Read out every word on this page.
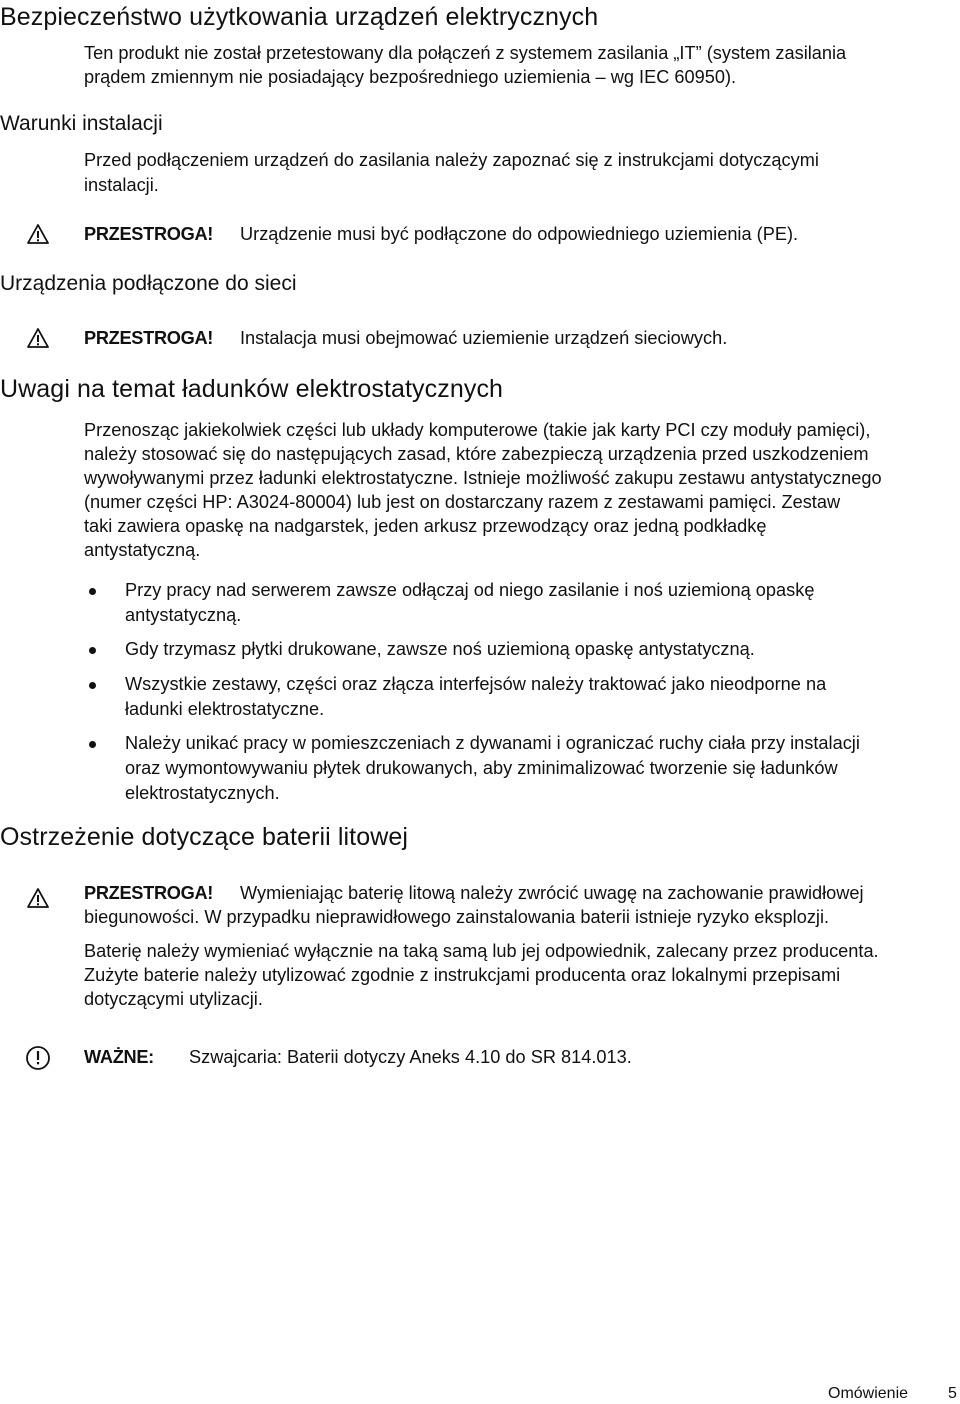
Bezpieczeństwo użytkowania urządzeń elektrycznych
Ten produkt nie został przetestowany dla połączeń z systemem zasilania „IT” (system zasilania
prądem zmiennym nie posiadający bezpośredniego uziemienia – wg IEC 60950).
Warunki instalacji
Przed podłączeniem urządzeń do zasilania należy zapoznać się z instrukcjami dotyczącymi
instalacji.
PRZESTROGA! Urządzenie musi być podłączone do odpowiedniego uziemienia (PE).
Urządzenia podłączone do sieci
PRZESTROGA! Instalacja musi obejmować uziemienie urządzeń sieciowych.
Uwagi na temat ładunków elektrostatycznych
Przenosząc jakiekolwiek części lub układy komputerowe (takie jak karty PCI czy moduły pamięci),
należy stosować się do następujących zasad, które zabezpieczą urządzenia przed uszkodzeniem
wywoływanymi przez ładunki elektrostatyczne. Istnieje możliwość zakupu zestawu antystatycznego
(numer części HP: A3024-80004) lub jest on dostarczany razem z zestawami pamięci. Zestaw
taki zawiera opaskę na nadgarstek, jeden arkusz przewodzący oraz jedną podkładkę
antystatyczną.
Przy pracy nad serwerem zawsze odłączaj od niego zasilanie i noś uziemioną opaskę
antystatyczną.
Gdy trzymasz płytki drukowane, zawsze noś uziemioną opaskę antystatyczną.
Wszystkie zestawy, części oraz złącza interfejsów należy traktować jako nieodporne na
ładunki elektrostatyczne.
Należy unikać pracy w pomieszczeniach z dywanami i ograniczać ruchy ciała przy instalacji
oraz wymontowywaniu płytek drukowanych, aby zminimalizować tworzenie się ładunków
elektrostatycznych.
Ostrzeżenie dotyczące baterii litowej
PRZESTROGA! Wymieniając baterię litową należy zwrócić uwagę na zachowanie prawidłowej
biegunowości. W przypadku nieprawidłowego zainstalowania baterii istnieje ryzyko eksplozji.
Baterię należy wymieniać wyłącznie na taką samą lub jej odpowiednik, zalecany przez producenta.
Zużyte baterie należy utylizować zgodnie z instrukcjami producenta oraz lokalnymi przepisami
dotyczącymi utylizacji.
WAŻNE: Szwajcaria: Baterii dotyczy Aneks 4.10 do SR 814.013.
Omówienie 5
